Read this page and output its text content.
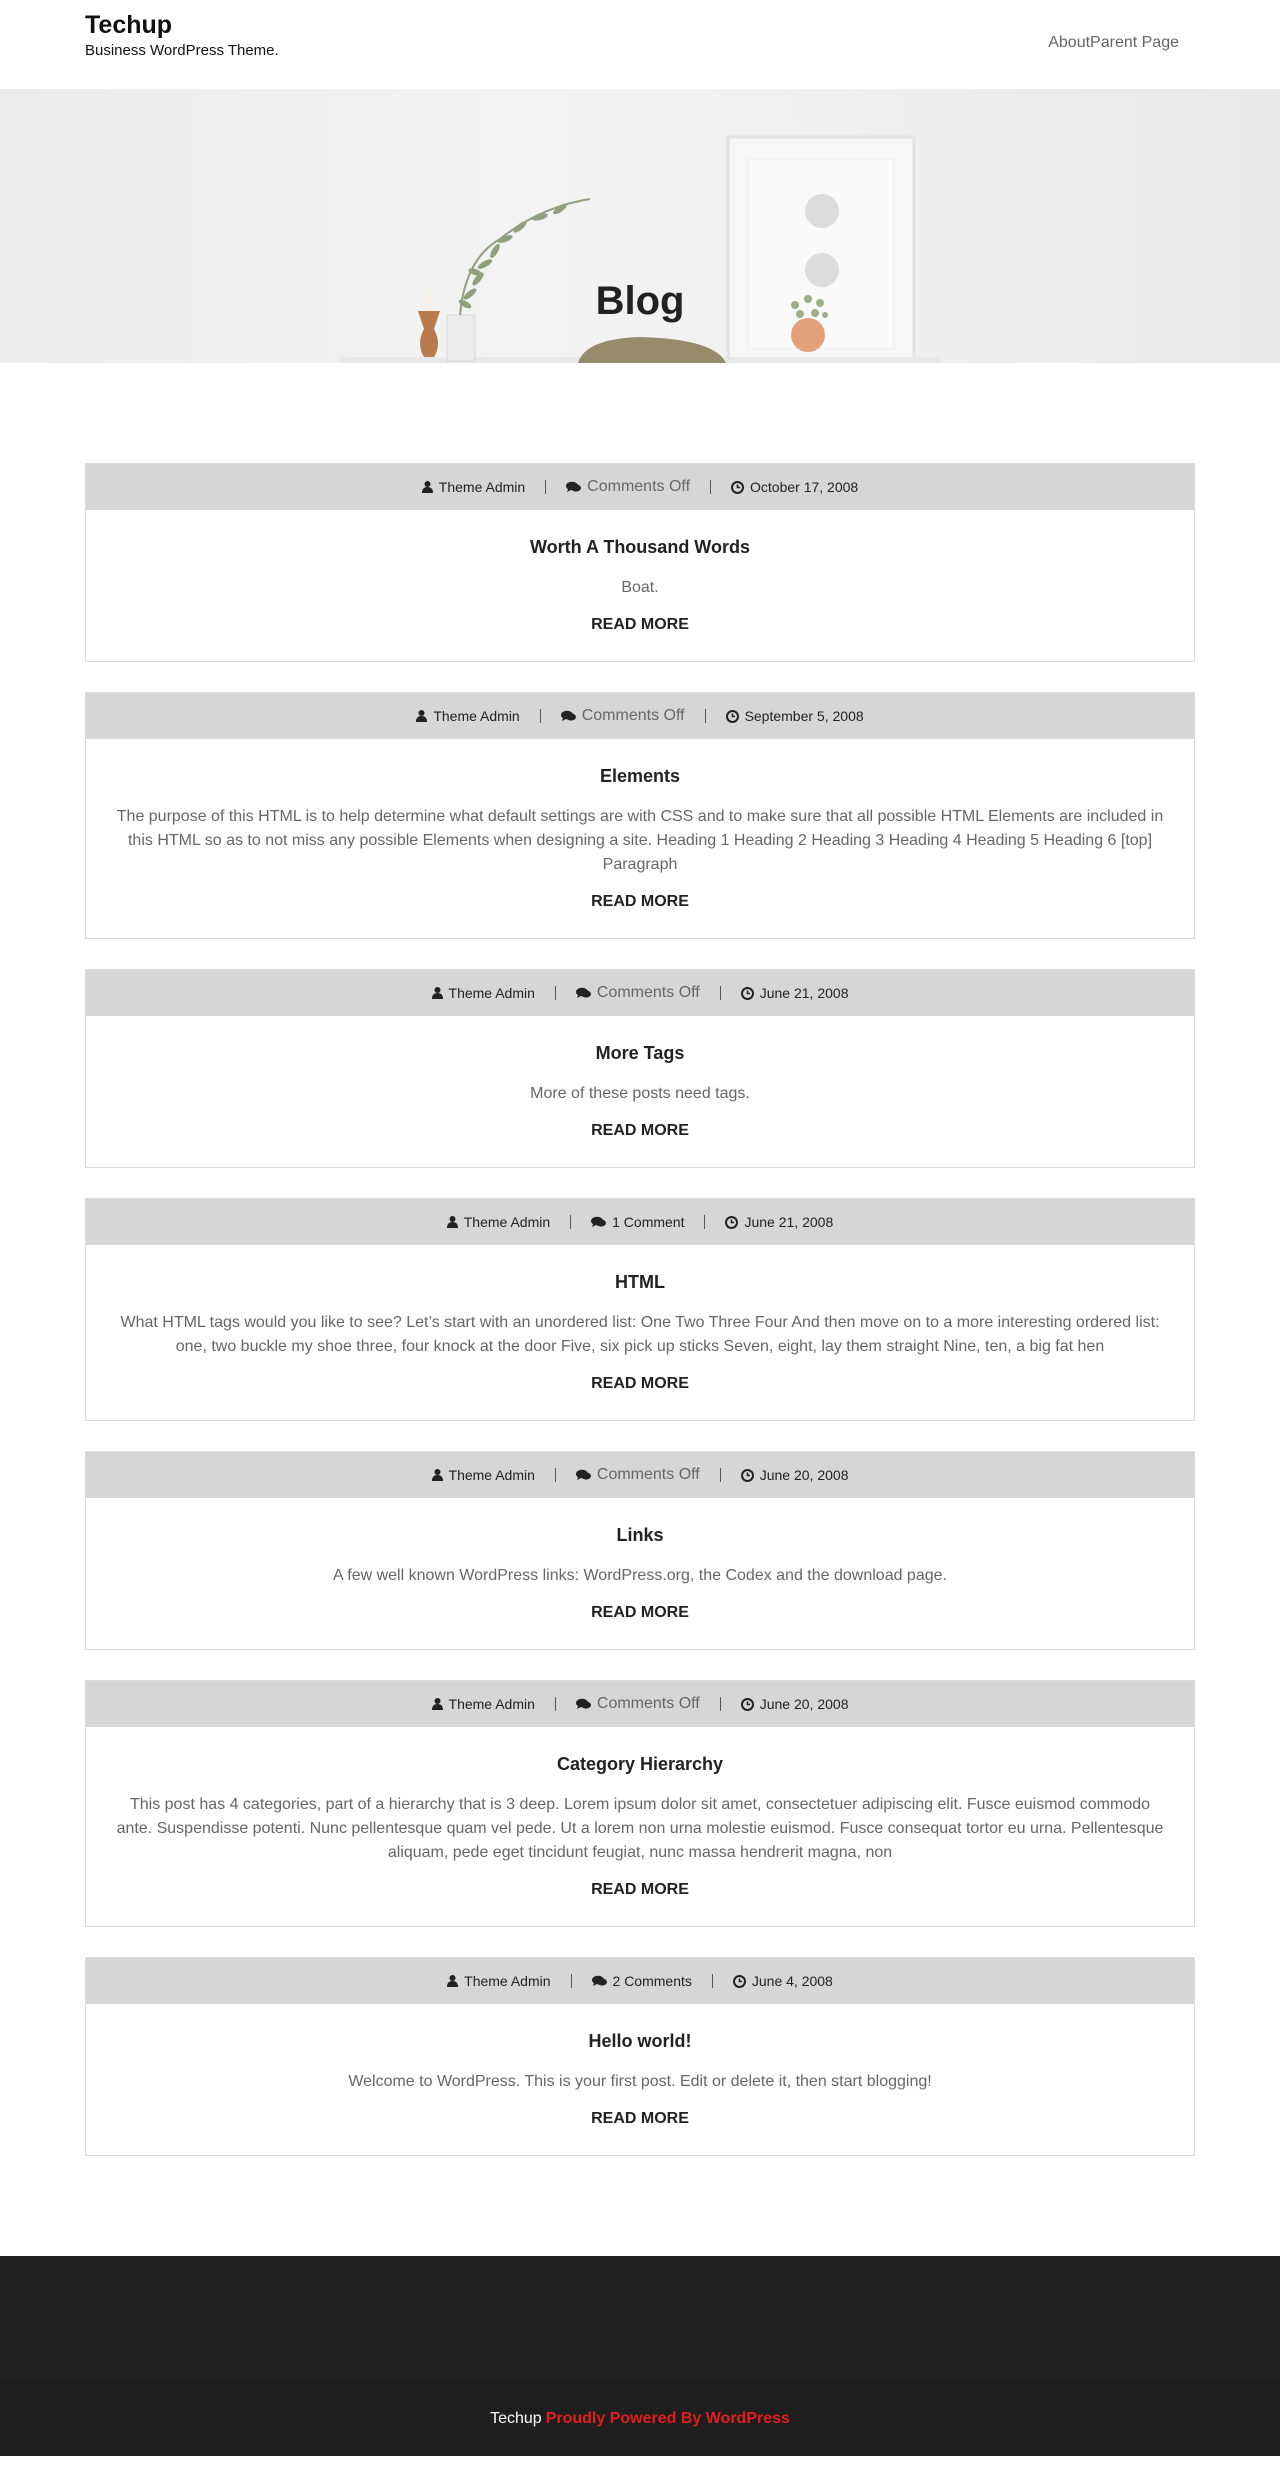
Techup
Business WordPress Theme.	About Parent Page
Blog
Theme Admin	Comments Off	October 17, 2008
Worth A Thousand Words

Boat.

READ MORE
Theme Admin	Comments Off	September 5, 2008
Elements

The purpose of this HTML is to help determine what default settings are with CSS and to make sure that all possible HTML Elements are included in this HTML so as to not miss any possible Elements when designing a site. Heading 1 Heading 2 Heading 3 Heading 4 Heading 5 Heading 6 [top] Paragraph

READ MORE
Theme Admin	Comments Off	June 21, 2008
More Tags

More of these posts need tags.

READ MORE
Theme Admin	1 Comment	June 21, 2008
HTML

What HTML tags would you like to see? Let’s start with an unordered list: One Two Three Four And then move on to a more interesting ordered list: one, two buckle my shoe three, four knock at the door Five, six pick up sticks Seven, eight, lay them straight Nine, ten, a big fat hen

READ MORE
Theme Admin	Comments Off	June 20, 2008
Links

A few well known WordPress links: WordPress.org, the Codex and the download page.

READ MORE
Theme Admin	Comments Off	June 20, 2008
Category Hierarchy

This post has 4 categories, part of a hierarchy that is 3 deep. Lorem ipsum dolor sit amet, consectetuer adipiscing elit. Fusce euismod commodo ante. Suspendisse potenti. Nunc pellentesque quam vel pede. Ut a lorem non urna molestie euismod. Fusce consequat tortor eu urna. Pellentesque aliquam, pede eget tincidunt feugiat, nunc massa hendrerit magna, non

READ MORE
Theme Admin	2 Comments	June 4, 2008
Hello world!

Welcome to WordPress. This is your first post. Edit or delete it, then start blogging!

READ MORE
Techup Proudly Powered By WordPress
